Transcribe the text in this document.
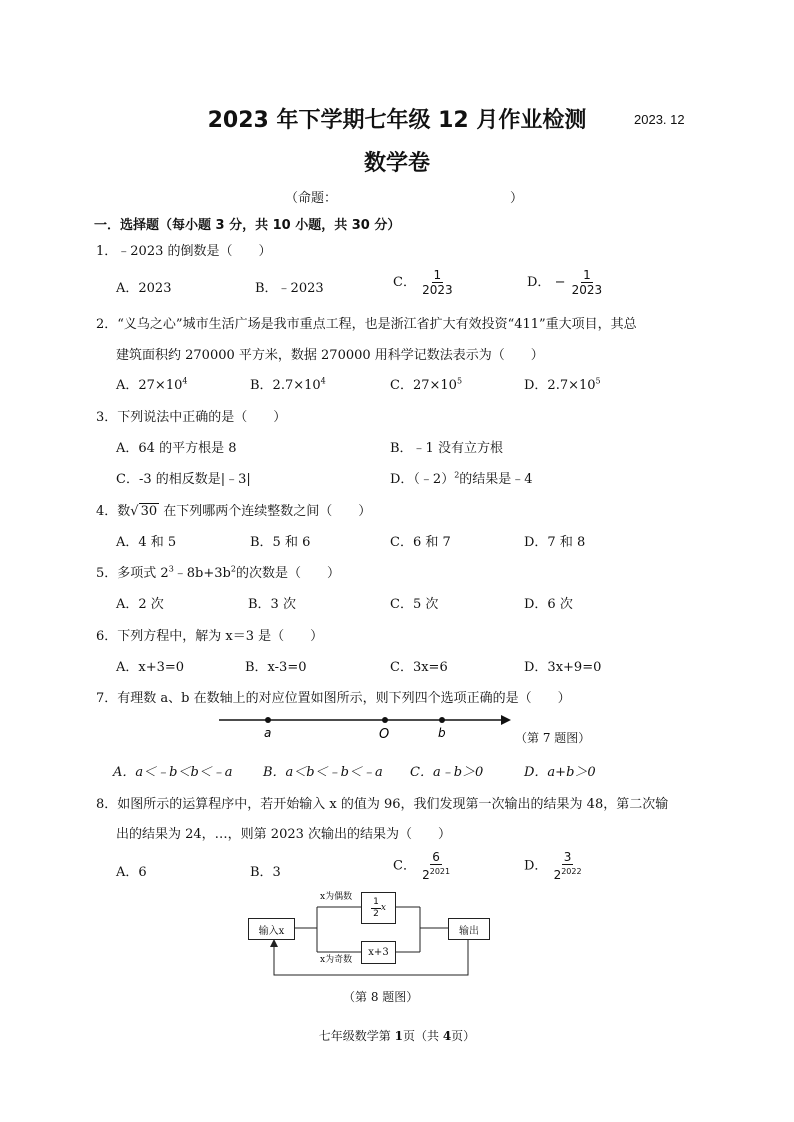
2023 年下学期七年级 12 月作业检测	2023. 12
数学卷
（命题：	）
一．选择题（每小题 3 分，共 10 小题，共 30 分）
1．﹣2023 的倒数是（　　）
A．2023	B．﹣2023	C． $\frac{1}{2023}$	D． − $\frac{1}{2023}$
2．“义乌之心”城市生活广场是我市重点工程，也是浙江省扩大有效投资“411”重大项目，其总
建筑面积约 270000 平方米，数据 270000 用科学记数法表示为（　　）
A．$27\times 10^4$	B．$2.7\times 10^4$	C．$27\times 10^5$	D．$2.7\times 10^5$
3．下列说法中正确的是（　　）
A．64 的平方根是 8	B．﹣1 没有立方根
C．-3 的相反数是|﹣3|	D．（﹣2）$^2$的结果是﹣4
4．数√ 30 在下列哪两个连续整数之间（　　）
A．4 和 5	B．5 和 6	C．6 和 7	D．7 和 8
5．多项式 $2^3﹣8b+3b^2$的次数是（　　）
A．2 次	B．3 次	C．5 次	D．6 次
6．下列方程中，解为 x＝3 是（　　）
A．x+3=0	B．x-3=0	C．3x=6	D．3x+9=0
7．有理数 a、b 在数轴上的对应位置如图所示，则下列四个选项正确的是（　　）
a	O	b	（第 7 题图）
A．a＜﹣b＜b＜﹣a B．a＜b＜﹣b＜﹣a C．a﹣b＞0	D．a+b＞0
8．如图所示的运算程序中，若开始输入 x 的值为 96，我们发现第一次输出的结果为 48，第二次输
出的结果为 24，…，则第 2023 次输出的结果为（　　）
A．6	B．3	C． $\frac{6}{2^{2021}}$	D． $\frac{3}{2^{2022}}$
输入x
x为偶数
x为奇数
$\frac{1}{2}$ x
x+3
输出
（第 8 题图）
七年级数学第 1页（共 4页）
